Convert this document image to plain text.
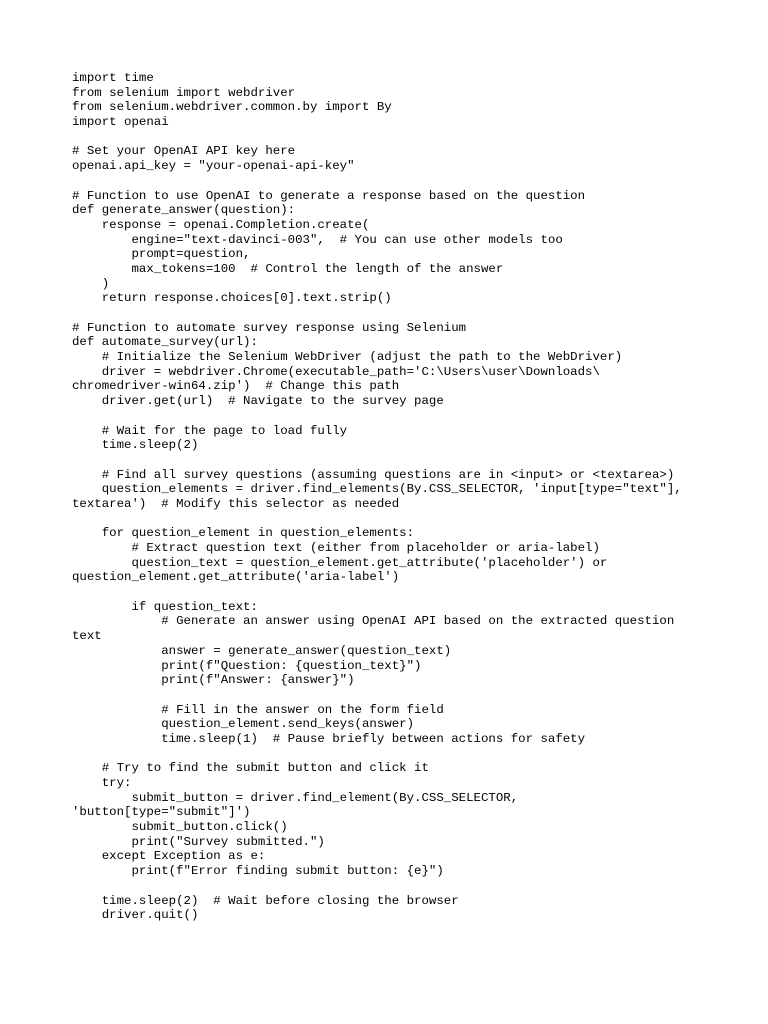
import time
from selenium import webdriver
from selenium.webdriver.common.by import By
import openai
# Set your OpenAI API key here
openai.api_key = "your-openai-api-key"
# Function to use OpenAI to generate a response based on the question
def generate_answer(question):
response = openai.Completion.create(
engine="text-davinci-003",  # You can use other models too
prompt=question,
max_tokens=100  # Control the length of the answer
)
return response.choices[0].text.strip()
# Function to automate survey response using Selenium
def automate_survey(url):
# Initialize the Selenium WebDriver (adjust the path to the WebDriver)
driver = webdriver.Chrome(executable_path='C:\Users\user\Downloads\
chromedriver-win64.zip')  # Change this path
driver.get(url)  # Navigate to the survey page
# Wait for the page to load fully
time.sleep(2)
# Find all survey questions (assuming questions are in <input> or <textarea>)
question_elements = driver.find_elements(By.CSS_SELECTOR, 'input[type="text"],
textarea')  # Modify this selector as needed
for question_element in question_elements:
# Extract question text (either from placeholder or aria-label)
question_text = question_element.get_attribute('placeholder') or
question_element.get_attribute('aria-label')
if question_text:
# Generate an answer using OpenAI API based on the extracted question
text
answer = generate_answer(question_text)
print(f"Question: {question_text}")
print(f"Answer: {answer}")
# Fill in the answer on the form field
question_element.send_keys(answer)
time.sleep(1)  # Pause briefly between actions for safety
# Try to find the submit button and click it
try:
submit_button = driver.find_element(By.CSS_SELECTOR,
'button[type="submit"]')
submit_button.click()
print("Survey submitted.")
except Exception as e:
print(f"Error finding submit button: {e}")
time.sleep(2)  # Wait before closing the browser
driver.quit()
